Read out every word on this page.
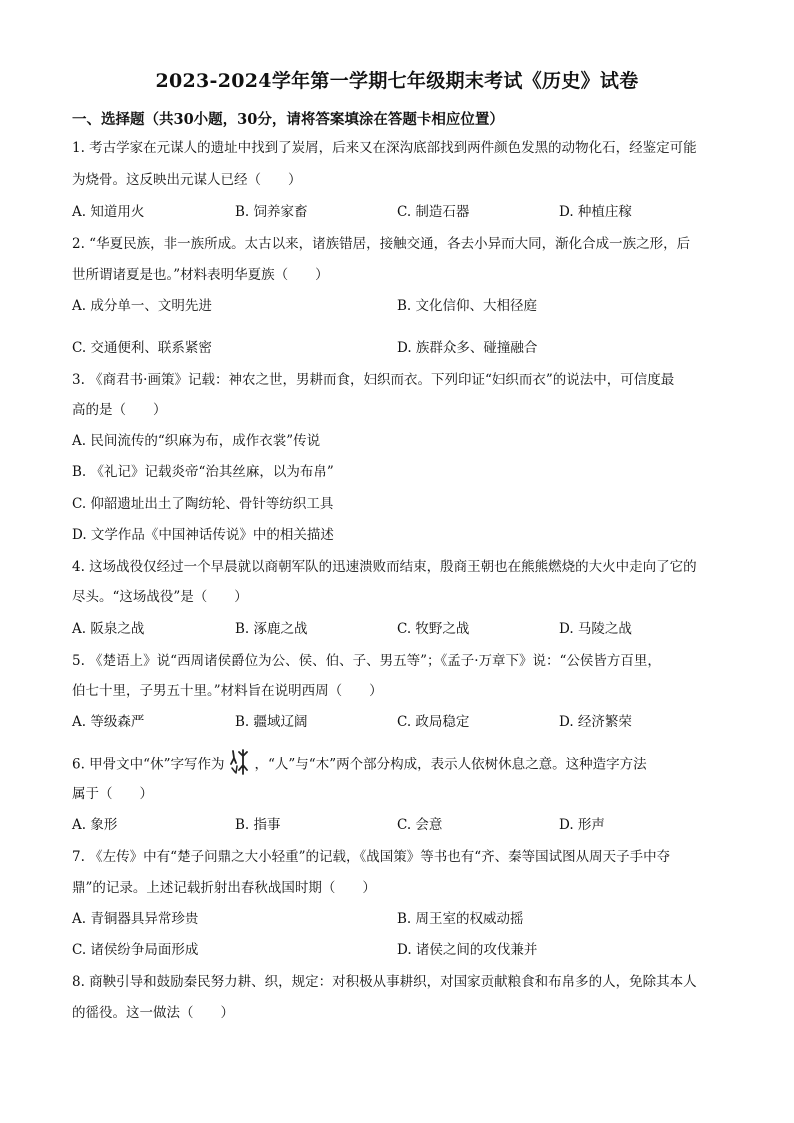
2023-2024学年第一学期七年级期末考试《历史》试卷
一、选择题（共30小题，30分，请将答案填涂在答题卡相应位置）
1. 考古学家在元谋人的遗址中找到了炭屑，后来又在深沟底部找到两件颜色发黑的动物化石，经鉴定可能
为烧骨。这反映出元谋人已经（　　）
A. 知道用火	B. 饲养家畜	C. 制造石器	D. 种植庄稼
2. “华夏民族，非一族所成。太古以来，诸族错居，接触交通，各去小异而大同，渐化合成一族之形，后
世所谓诸夏是也。”材料表明华夏族（　　）
A. 成分单一、文明先进	B. 文化信仰、大相径庭
C. 交通便利、联系紧密	D. 族群众多、碰撞融合
3. 《商君书·画策》记载：神农之世，男耕而食，妇织而衣。下列印证“妇织而衣”的说法中，可信度最
高的是（　　）
A. 民间流传的“织麻为布，成作衣裳”传说
B. 《礼记》记载炎帝“治其丝麻，以为布帛”
C. 仰韶遗址出土了陶纺轮、骨针等纺织工具
D. 文学作品《中国神话传说》中的相关描述
4. 这场战役仅经过一个早晨就以商朝军队的迅速溃败而结束，殷商王朝也在熊熊燃烧的大火中走向了它的
尽头。“这场战役”是（　　）
A. 阪泉之战	B. 涿鹿之战	C. 牧野之战	D. 马陵之战
5. 《楚语上》说“西周诸侯爵位为公、侯、伯、子、男五等”；《孟子·万章下》说：“公侯皆方百里，
伯七十里，子男五十里。”材料旨在说明西周（　　）
A. 等级森严	B. 疆域辽阔	C. 政局稳定	D. 经济繁荣
6. 甲骨文中“休”字写作为 ，“人”与“木”两个部分构成，表示人依树休息之意。这种造字方法
属于（　　）
A. 象形	B. 指事	C. 会意	D. 形声
7. 《左传》中有“楚子问鼎之大小轻重”的记载，《战国策》等书也有“齐、秦等国试图从周天子手中夺
鼎”的记录。上述记载折射出春秋战国时期（　　）
A. 青铜器具异常珍贵	B. 周王室的权威动摇
C. 诸侯纷争局面形成	D. 诸侯之间的攻伐兼并
8. 商鞅引导和鼓励秦民努力耕、织，规定：对积极从事耕织，对国家贡献粮食和布帛多的人，免除其本人
的徭役。这一做法（　　）
